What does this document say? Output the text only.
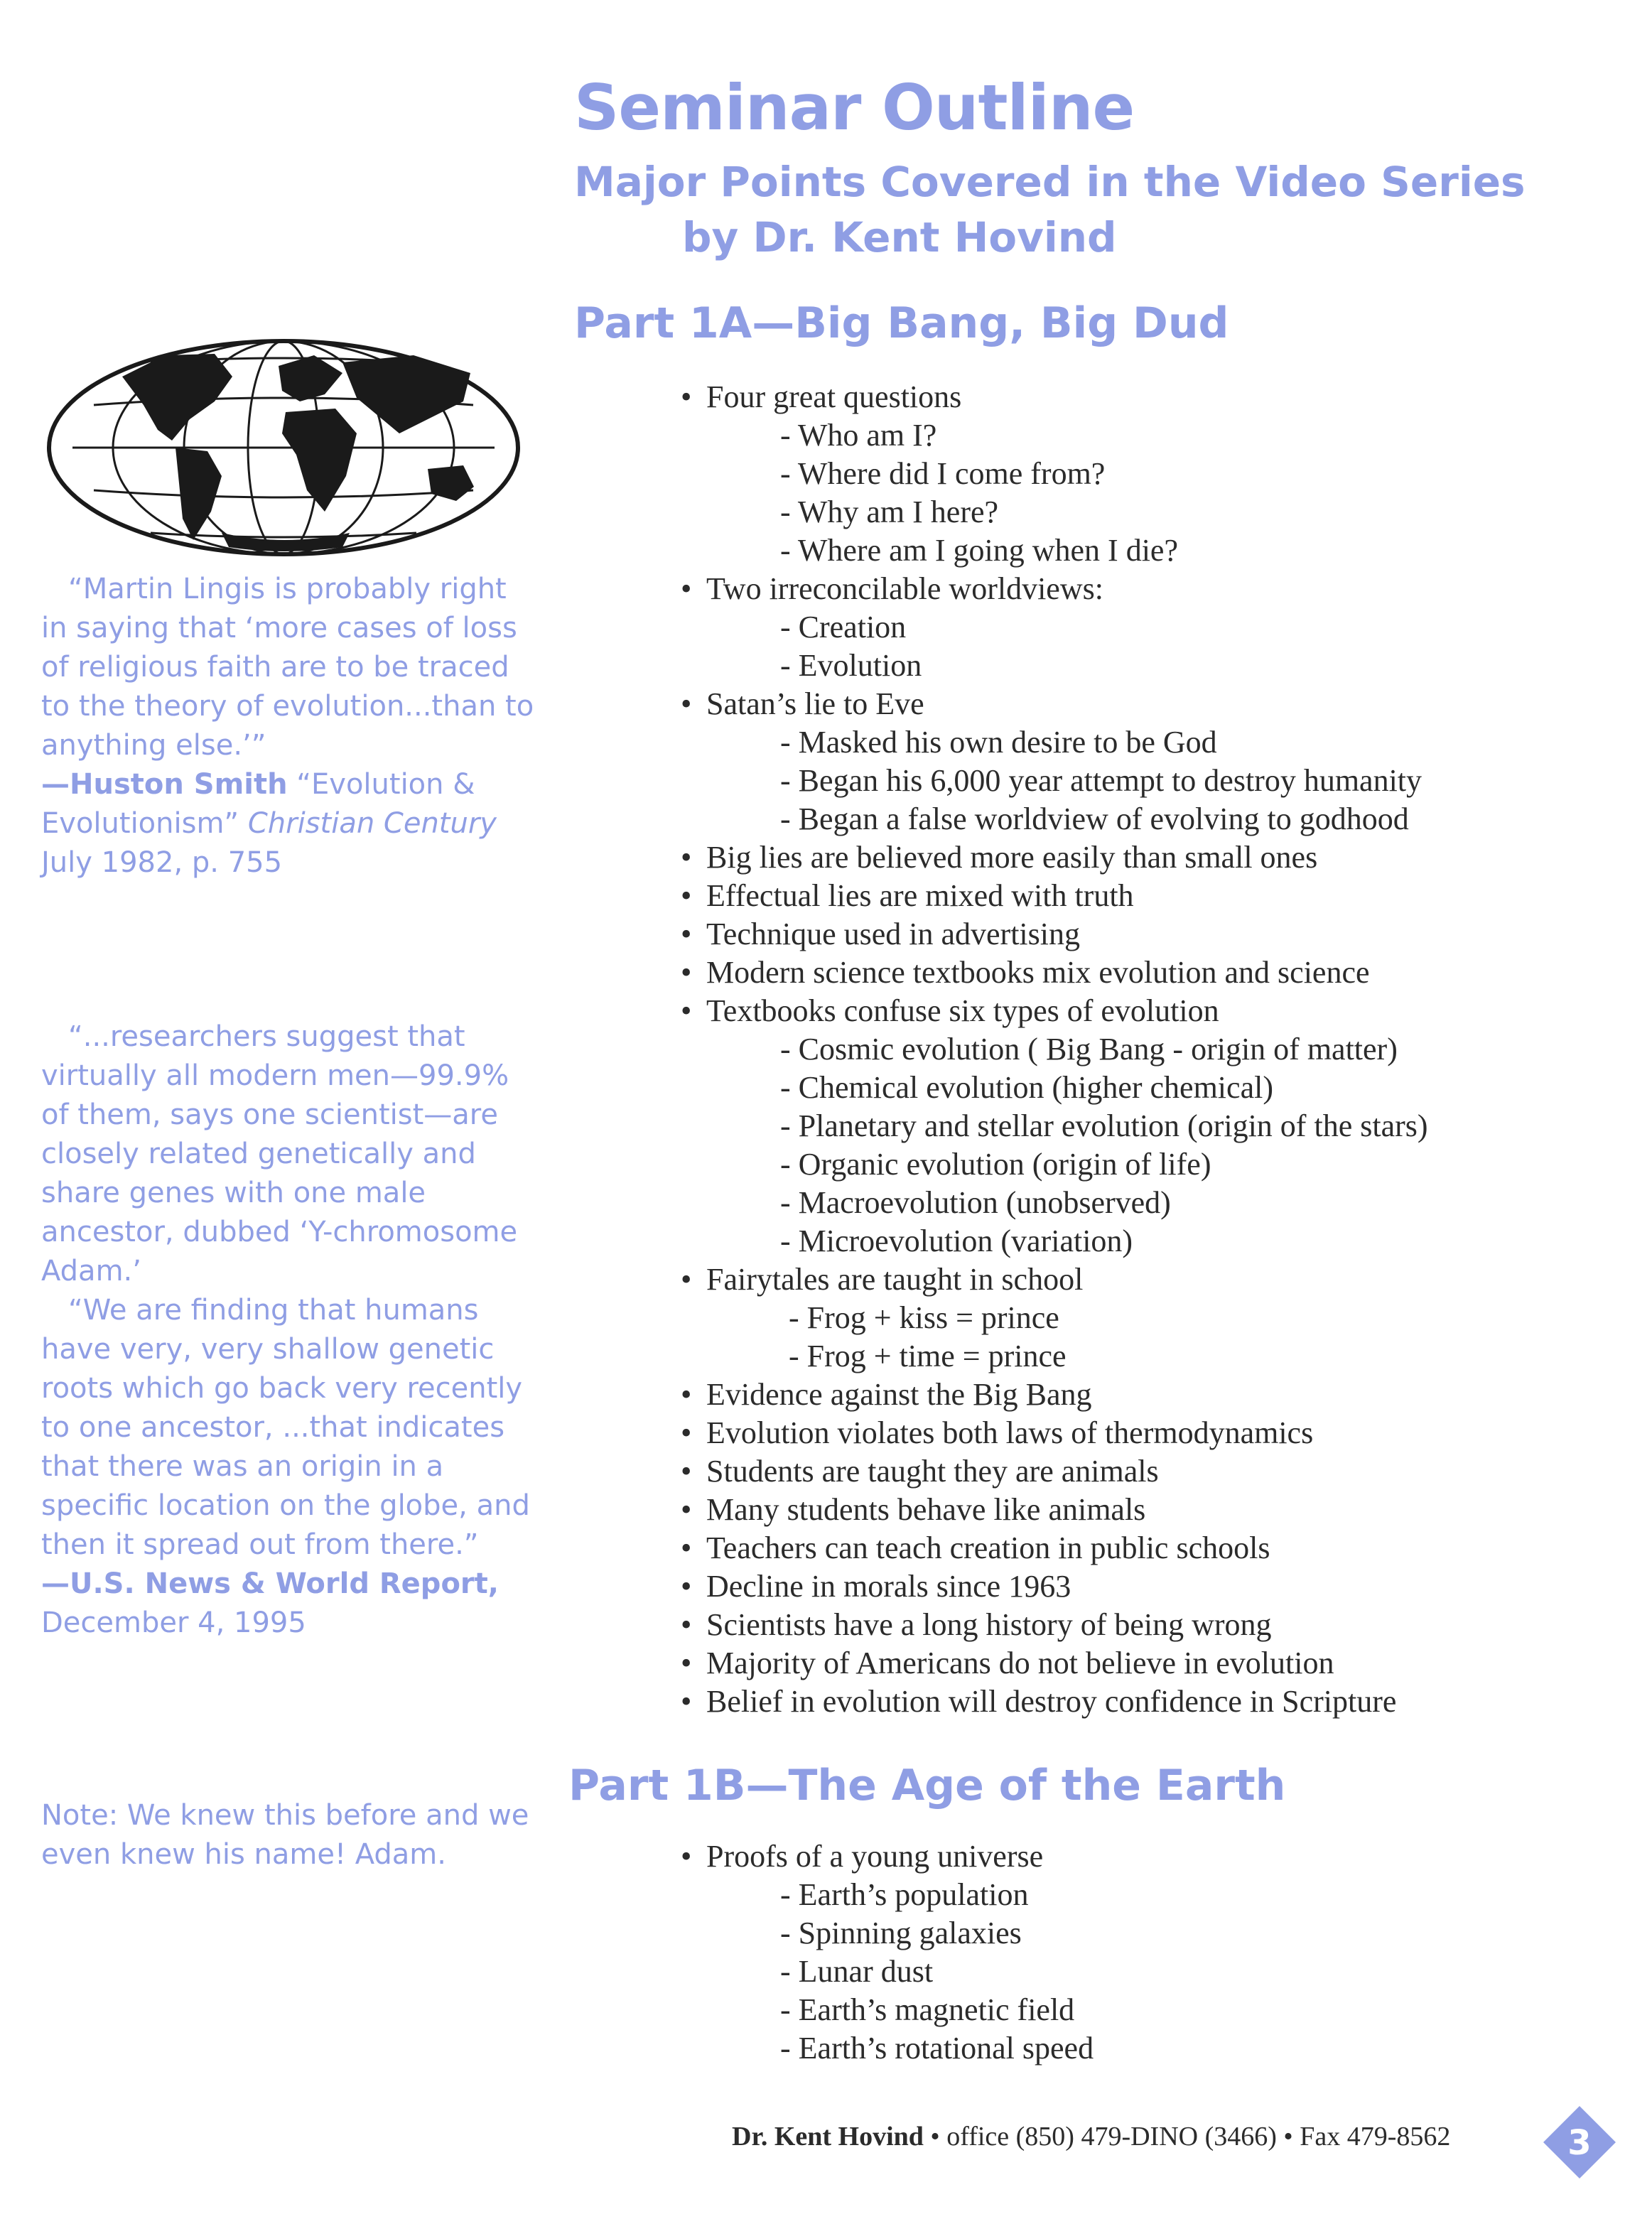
Seminar Outline
Major Points Covered in the Video Series
by Dr. Kent Hovind
Part 1A—Big Bang, Big Dud
• Four great questions
- Who am I?
- Where did I come from?
- Why am I here?
- Where am I going when I die?
• Two irreconcilable worldviews:
- Creation
- Evolution
• Satan’s lie to Eve
- Masked his own desire to be God
- Began his 6,000 year attempt to destroy humanity
- Began a false worldview of evolving to godhood
• Big lies are believed more easily than small ones
• Effectual lies are mixed with truth
• Technique used in advertising
• Modern science textbooks mix evolution and science
• Textbooks confuse six types of evolution
- Cosmic evolution ( Big Bang - origin of matter)
- Chemical evolution (higher chemical)
- Planetary and stellar evolution (origin of the stars)
- Organic evolution (origin of life)
- Macroevolution (unobserved)
- Microevolution (variation)
• Fairytales are taught in school
- Frog + kiss = prince
- Frog + time = prince
• Evidence against the Big Bang
• Evolution violates both laws of thermodynamics
• Students are taught they are animals
• Many students behave like animals
• Teachers can teach creation in public schools
• Decline in morals since 1963
• Scientists have a long history of being wrong
• Majority of Americans do not believe in evolution
• Belief in evolution will destroy confidence in Scripture
Part 1B—The Age of the Earth
• Proofs of a young universe
- Earth’s population
- Spinning galaxies
- Lunar dust
- Earth’s magnetic field
- Earth’s rotational speed

“Martin Lingis is probably right in saying that ‘more cases of loss of religious faith are to be traced to the theory of evolution...than to anything else.’”

—Huston Smith “Evolution & Evolutionism” Christian Century July 1982, p. 755

“...researchers suggest that virtually all modern men—99.9% of them, says one scientist—are closely related genetically and share genes with one male ancestor, dubbed ‘Y-chromosome Adam.’

“We are finding that humans have very, very shallow genetic roots which go back very recently to one ancestor, ...that indicates that there was an origin in a specific location on the globe, and then it spread out from there.”

—U.S. News & World Report, December 4, 1995

Note: We knew this before and we even knew his name! Adam.

Dr. Kent Hovind • office (850) 479-DINO (3466) • Fax 479-8562	3
